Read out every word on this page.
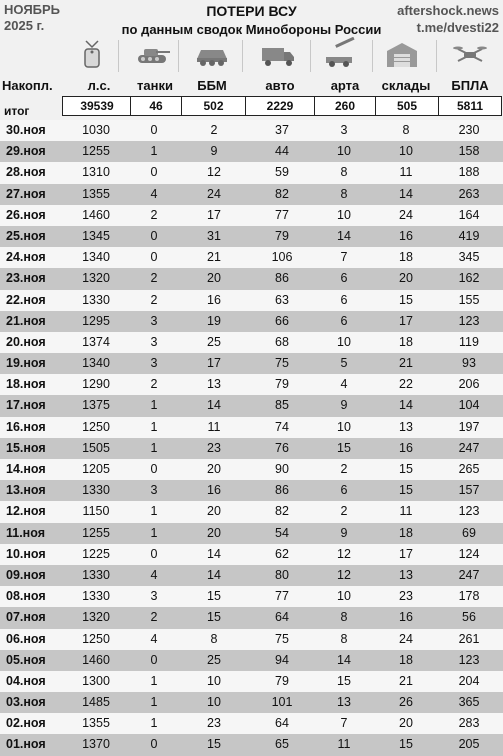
НОЯБРЬ
2025 г.
ПОТЕРИ ВСУ
по данным сводок Минобороны России
aftershock.news
t.me/dvesti22
Накопл.	л.с.	танки	ББМ	авто	арта	склады	БПЛА
итог	39539	46	502	2229	260	505	5811
30.ноя	1030	0	2	37	3	8	230
29.ноя	1255	1	9	44	10	10	158
28.ноя	1310	0	12	59	8	11	188
27.ноя	1355	4	24	82	8	14	263
26.ноя	1460	2	17	77	10	24	164
25.ноя	1345	0	31	79	14	16	419
24.ноя	1340	0	21	106	7	18	345
23.ноя	1320	2	20	86	6	20	162
22.ноя	1330	2	16	63	6	15	155
21.ноя	1295	3	19	66	6	17	123
20.ноя	1374	3	25	68	10	18	119
19.ноя	1340	3	17	75	5	21	93
18.ноя	1290	2	13	79	4	22	206
17.ноя	1375	1	14	85	9	14	104
16.ноя	1250	1	11	74	10	13	197
15.ноя	1505	1	23	76	15	16	247
14.ноя	1205	0	20	90	2	15	265
13.ноя	1330	3	16	86	6	15	157
12.ноя	1150	1	20	82	2	11	123
11.ноя	1255	1	20	54	9	18	69
10.ноя	1225	0	14	62	12	17	124
09.ноя	1330	4	14	80	12	13	247
08.ноя	1330	3	15	77	10	23	178
07.ноя	1320	2	15	64	8	16	56
06.ноя	1250	4	8	75	8	24	261
05.ноя	1460	0	25	94	14	18	123
04.ноя	1300	1	10	79	15	21	204
03.ноя	1485	1	10	101	13	26	365
02.ноя	1355	1	23	64	7	20	283
01.ноя	1370	0	15	65	11	15	205
